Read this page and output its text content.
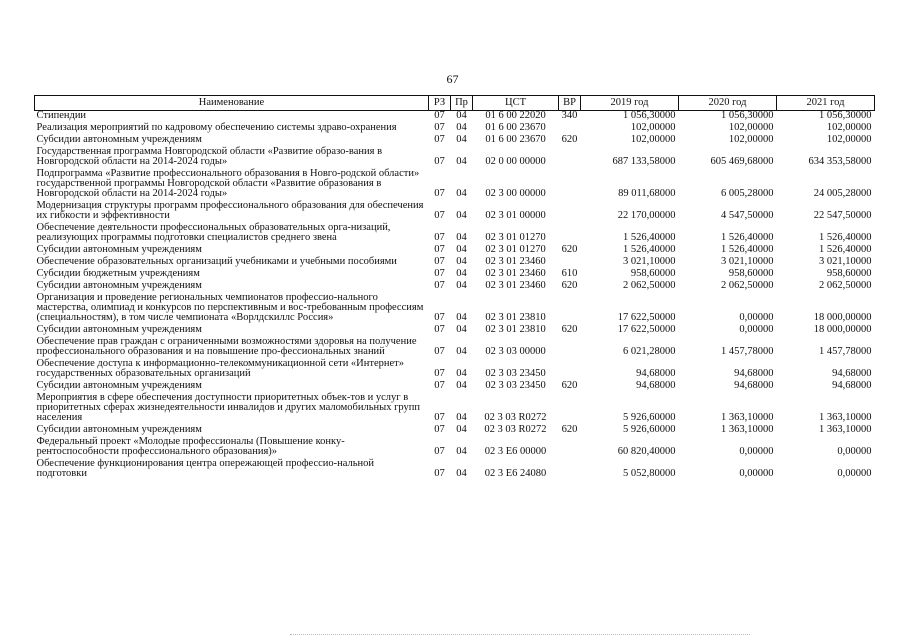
67
Наименование	РЗ	Пр	ЦСТ	ВР	2019 год	2020 год	2021 год
Стипендии	07	04	01 6 00 22020	340	1 056,30000	1 056,30000	1 056,30000
Реализация мероприятий по кадровому обеспечению системы здраво-охранения	07	04	01 6 00 23670		102,00000	102,00000	102,00000
Субсидии автономным учреждениям	07	04	01 6 00 23670	620	102,00000	102,00000	102,00000
Государственная программа Новгородской области «Развитие образо-вания в Новгородской области на 2014-2024 годы»	07	04	02 0 00 00000		687 133,58000	605 469,68000	634 353,58000
Подпрограмма «Развитие профессионального образования в Новго-родской области» государственной программы Новгородской области «Развитие образования в Новгородской области на 2014-2024 годы»	07	04	02 3 00 00000		89 011,68000	6 005,28000	24 005,28000
Модернизация структуры программ профессионального образования для обеспечения их гибкости и эффективности	07	04	02 3 01 00000		22 170,00000	4 547,50000	22 547,50000
Обеспечение деятельности профессиональных образовательных орга-низаций, реализующих программы подготовки специалистов среднего звена	07	04	02 3 01 01270		1 526,40000	1 526,40000	1 526,40000
Субсидии автономным учреждениям	07	04	02 3 01 01270	620	1 526,40000	1 526,40000	1 526,40000
Обеспечение образовательных организаций учебниками и учебными пособиями	07	04	02 3 01 23460		3 021,10000	3 021,10000	3 021,10000
Субсидии бюджетным учреждениям	07	04	02 3 01 23460	610	958,60000	958,60000	958,60000
Субсидии автономным учреждениям	07	04	02 3 01 23460	620	2 062,50000	2 062,50000	2 062,50000
Организация и проведение региональных чемпионатов профессио-нального мастерства, олимпиад и конкурсов по перспективным и вос-требованным профессиям (специальностям), в том числе чемпионата «Ворлдскиллс Россия»	07	04	02 3 01 23810		17 622,50000	0,00000	18 000,00000
Субсидии автономным учреждениям	07	04	02 3 01 23810	620	17 622,50000	0,00000	18 000,00000
Обеспечение прав граждан с ограниченными возможностями здоровья на получение профессионального образования и на повышение про-фессиональных знаний	07	04	02 3 03 00000		6 021,28000	1 457,78000	1 457,78000
Обеспечение доступа к информационно-телекоммуникационной сети «Интернет» государственных образовательных организаций	07	04	02 3 03 23450		94,68000	94,68000	94,68000
Субсидии автономным учреждениям	07	04	02 3 03 23450	620	94,68000	94,68000	94,68000
Мероприятия в сфере обеспечения доступности приоритетных объек-тов и услуг в приоритетных сферах жизнедеятельности инвалидов и других маломобильных групп населения	07	04	02 3 03 R0272		5 926,60000	1 363,10000	1 363,10000
Субсидии автономным учреждениям	07	04	02 3 03 R0272	620	5 926,60000	1 363,10000	1 363,10000
Федеральный проект «Молодые профессионалы (Повышение конку-рентоспособности профессионального образования)»	07	04	02 3 E6 00000		60 820,40000	0,00000	0,00000
Обеспечение функционирования центра опережающей профессио-нальной подготовки	07	04	02 3 E6 24080		5 052,80000	0,00000	0,00000
